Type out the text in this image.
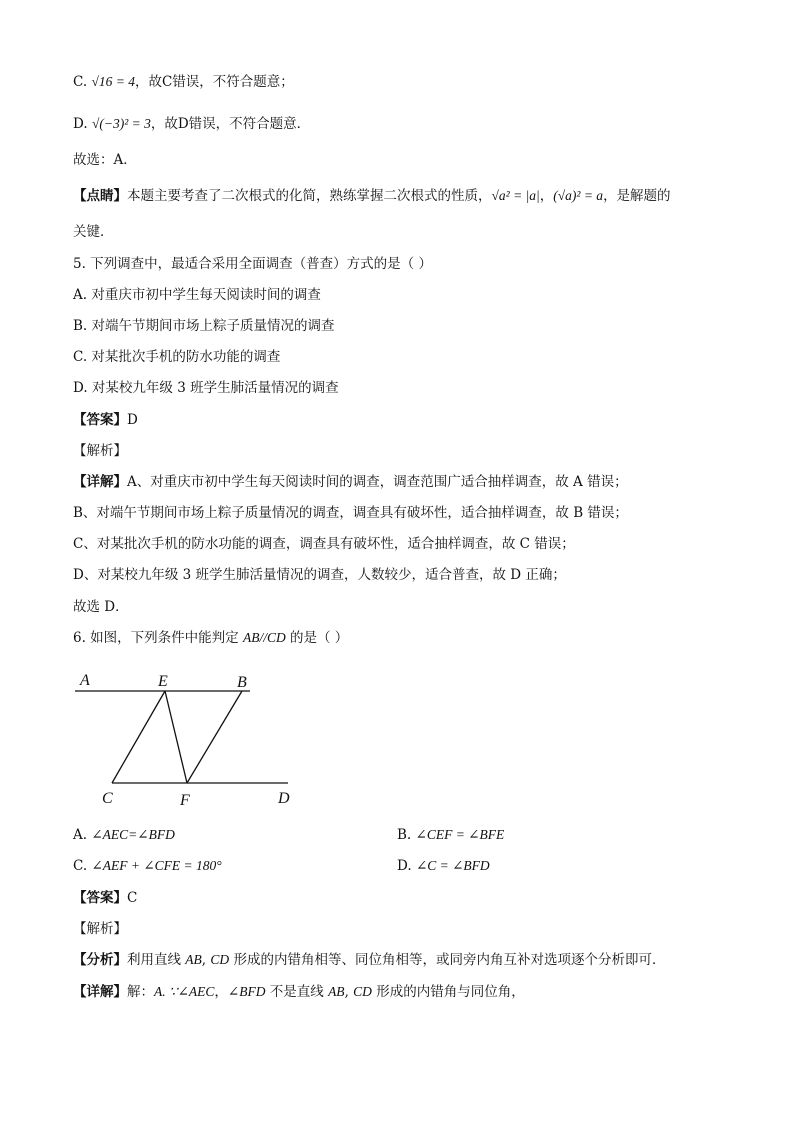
C. √16 = 4，故C错误，不符合题意；
D. √(−3)² = 3，故D错误，不符合题意．
故选：A．
【点睛】本题主要考查了二次根式的化简，熟练掌握二次根式的性质，√a² = |a|，(√a)² = a，是解题的
关键．
5. 下列调查中，最适合采用全面调查（普查）方式的是（ ）
A. 对重庆市初中学生每天阅读时间的调查
B. 对端午节期间市场上粽子质量情况的调查
C. 对某批次手机的防水功能的调查
D. 对某校九年级 3 班学生肺活量情况的调查
【答案】D
【解析】
【详解】A、对重庆市初中学生每天阅读时间的调查，调查范围广适合抽样调查，故 A 错误；
B、对端午节期间市场上粽子质量情况的调查，调查具有破坏性，适合抽样调查，故 B 错误；
C、对某批次手机的防水功能的调查，调查具有破坏性，适合抽样调查，故 C 错误；
D、对某校九年级 3 班学生肺活量情况的调查，人数较少，适合普查，故 D 正确；
故选 D．
6. 如图，下列条件中能判定 AB//CD 的是（ ）
A	E	B
C	F	D
A. ∠AEC=∠BFD	B. ∠CEF = ∠BFE
C. ∠AEF + ∠CFE = 180°	D. ∠C = ∠BFD
【答案】C
【解析】
【分析】利用直线 AB, CD 形成的内错角相等、同位角相等，或同旁内角互补对选项逐个分析即可．
【详解】解：A. ∵∠AEC，∠BFD 不是直线 AB, CD 形成的内错角与同位角，
